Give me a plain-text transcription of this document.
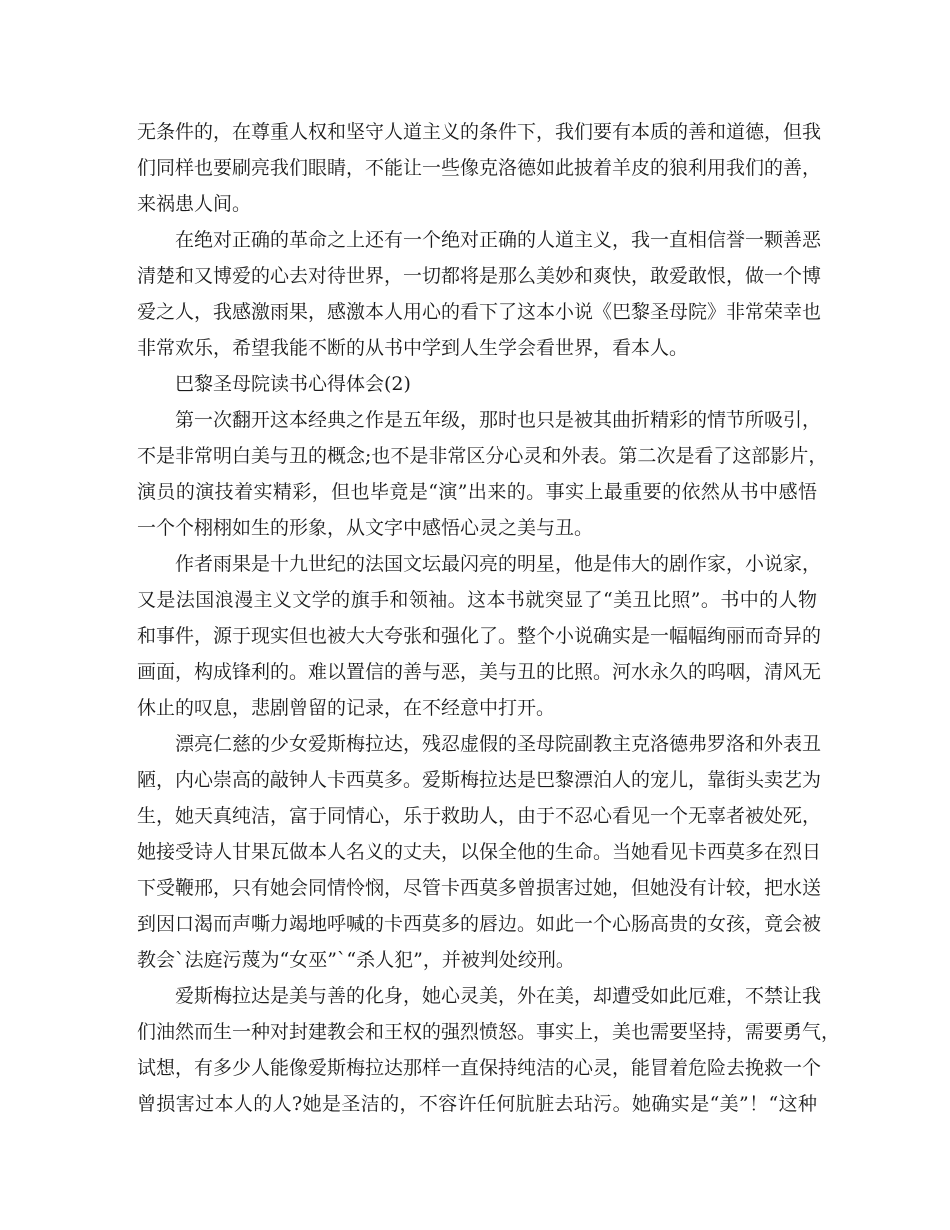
无条件的，在尊重人权和坚守人道主义的条件下，我们要有本质的善和道德，但我
们同样也要刷亮我们眼睛，不能让一些像克洛德如此披着羊皮的狼利用我们的善，
来祸患人间。
在绝对正确的革命之上还有一个绝对正确的人道主义，我一直相信誉一颗善恶
清楚和又博爱的心去对待世界，一切都将是那么美妙和爽快，敢爱敢恨，做一个博
爱之人，我感激雨果，感激本人用心的看下了这本小说《巴黎圣母院》非常荣幸也
非常欢乐，希望我能不断的从书中学到人生学会看世界，看本人。
巴黎圣母院读书心得体会(2)
第一次翻开这本经典之作是五年级，那时也只是被其曲折精彩的情节所吸引，
不是非常明白美与丑的概念;也不是非常区分心灵和外表。第二次是看了这部影片，
演员的演技着实精彩，但也毕竟是“演”出来的。事实上最重要的依然从书中感悟
一个个栩栩如生的形象，从文字中感悟心灵之美与丑。
作者雨果是十九世纪的法国文坛最闪亮的明星，他是伟大的剧作家，小说家，
又是法国浪漫主义文学的旗手和领袖。这本书就突显了“美丑比照”。书中的人物
和事件，源于现实但也被大大夸张和强化了。整个小说确实是一幅幅绚丽而奇异的
画面，构成锋利的。难以置信的善与恶，美与丑的比照。河水永久的呜咽，清风无
休止的叹息，悲剧曾留的记录，在不经意中打开。
漂亮仁慈的少女爱斯梅拉达，残忍虚假的圣母院副教主克洛德弗罗洛和外表丑
陋，内心崇高的敲钟人卡西莫多。爱斯梅拉达是巴黎漂泊人的宠儿，靠街头卖艺为
生，她天真纯洁，富于同情心，乐于救助人，由于不忍心看见一个无辜者被处死，
她接受诗人甘果瓦做本人名义的丈夫，以保全他的生命。当她看见卡西莫多在烈日
下受鞭邢，只有她会同情怜悯，尽管卡西莫多曾损害过她，但她没有计较，把水送
到因口渴而声嘶力竭地呼喊的卡西莫多的唇边。如此一个心肠高贵的女孩，竟会被
教会`法庭污蔑为“女巫”`“杀人犯”，并被判处绞刑。
爱斯梅拉达是美与善的化身，她心灵美，外在美，却遭受如此厄难，不禁让我
们油然而生一种对封建教会和王权的强烈愤怒。事实上，美也需要坚持，需要勇气，
试想，有多少人能像爱斯梅拉达那样一直保持纯洁的心灵，能冒着危险去挽救一个
曾损害过本人的人?她是圣洁的，不容许任何肮脏去玷污。她确实是“美”！“这种
